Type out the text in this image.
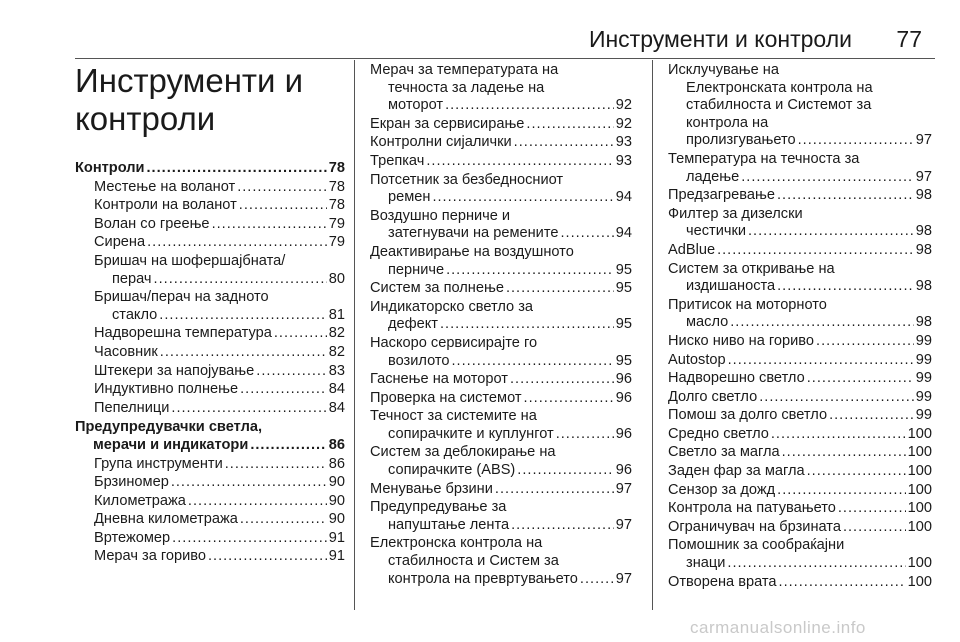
Инструменти и контроли 77
Инструменти и
контроли
Контроли .....	78
Местење на воланот .....	78
Контроли на воланот .....	78
Волан со греење .....	79
Сирена .....	79
Бришач на шофершајбната/
перач .....	80
Бришач/перач на задното
стакло .....	81
Надворешна температура .....	82
Часовник .....	82
Штекери за напојување .....	83
Индуктивно полнење .....	84
Пепелници .....	84
Предупредувачки светла,
мерачи и индикатори .....	86
Група инструменти .....	86
Брзиномер .....	90
Километража .....	90
Дневна километража .....	90
Вртежомер .....	91
Мерач за гориво .....	91
Мерач за температурата на
течноста за ладење на
моторот .....	92
Екран за сервисирање .....	92
Контролни сијалички .....	93
Трепкач .....	93
Потсетник за безбедносниот
ремен .....	94
Воздушно перниче и
затегнувачи на ремените .....	94
Деактивирање на воздушното
перниче .....	95
Систем за полнење .....	95
Индикаторско светло за
дефект .....	95
Наскоро сервисирајте го
возилото .....	95
Гаснење на моторот .....	96
Проверка на системот .....	96
Течност за системите на
сопирачките и куплунгот .....	96
Систем за деблокирање на
сопирачките (ABS) .....	96
Менување брзини .....	97
Предупредување за
напуштање лента .....	97
Електронска контрола на
стабилноста и Систем за
контрола на превртувањето .....	97
Исклучување на
Електронската контрола на
стабилноста и Системот за
контрола на
пролизгувањето .....	97
Температура на течноста за
ладење .....	97
Предзагревање .....	98
Филтер за дизелски
честички .....	98
AdBlue .....	98
Систем за откривање на
издишаноста .....	98
Притисок на моторното
масло .....	98
Ниско ниво на гориво .....	99
Autostop .....	99
Надворешно светло .....	99
Долго светло .....	99
Помош за долго светло .....	99
Средно светло .....	100
Светло за магла .....	100
Заден фар за магла .....	100
Сензор за дожд .....	100
Контрола на патувањето .....	100
Ограничувач на брзината .....	100
Помошник за сообраќајни
знаци .....	100
Отворена врата .....	100
carmanualsonline.info
